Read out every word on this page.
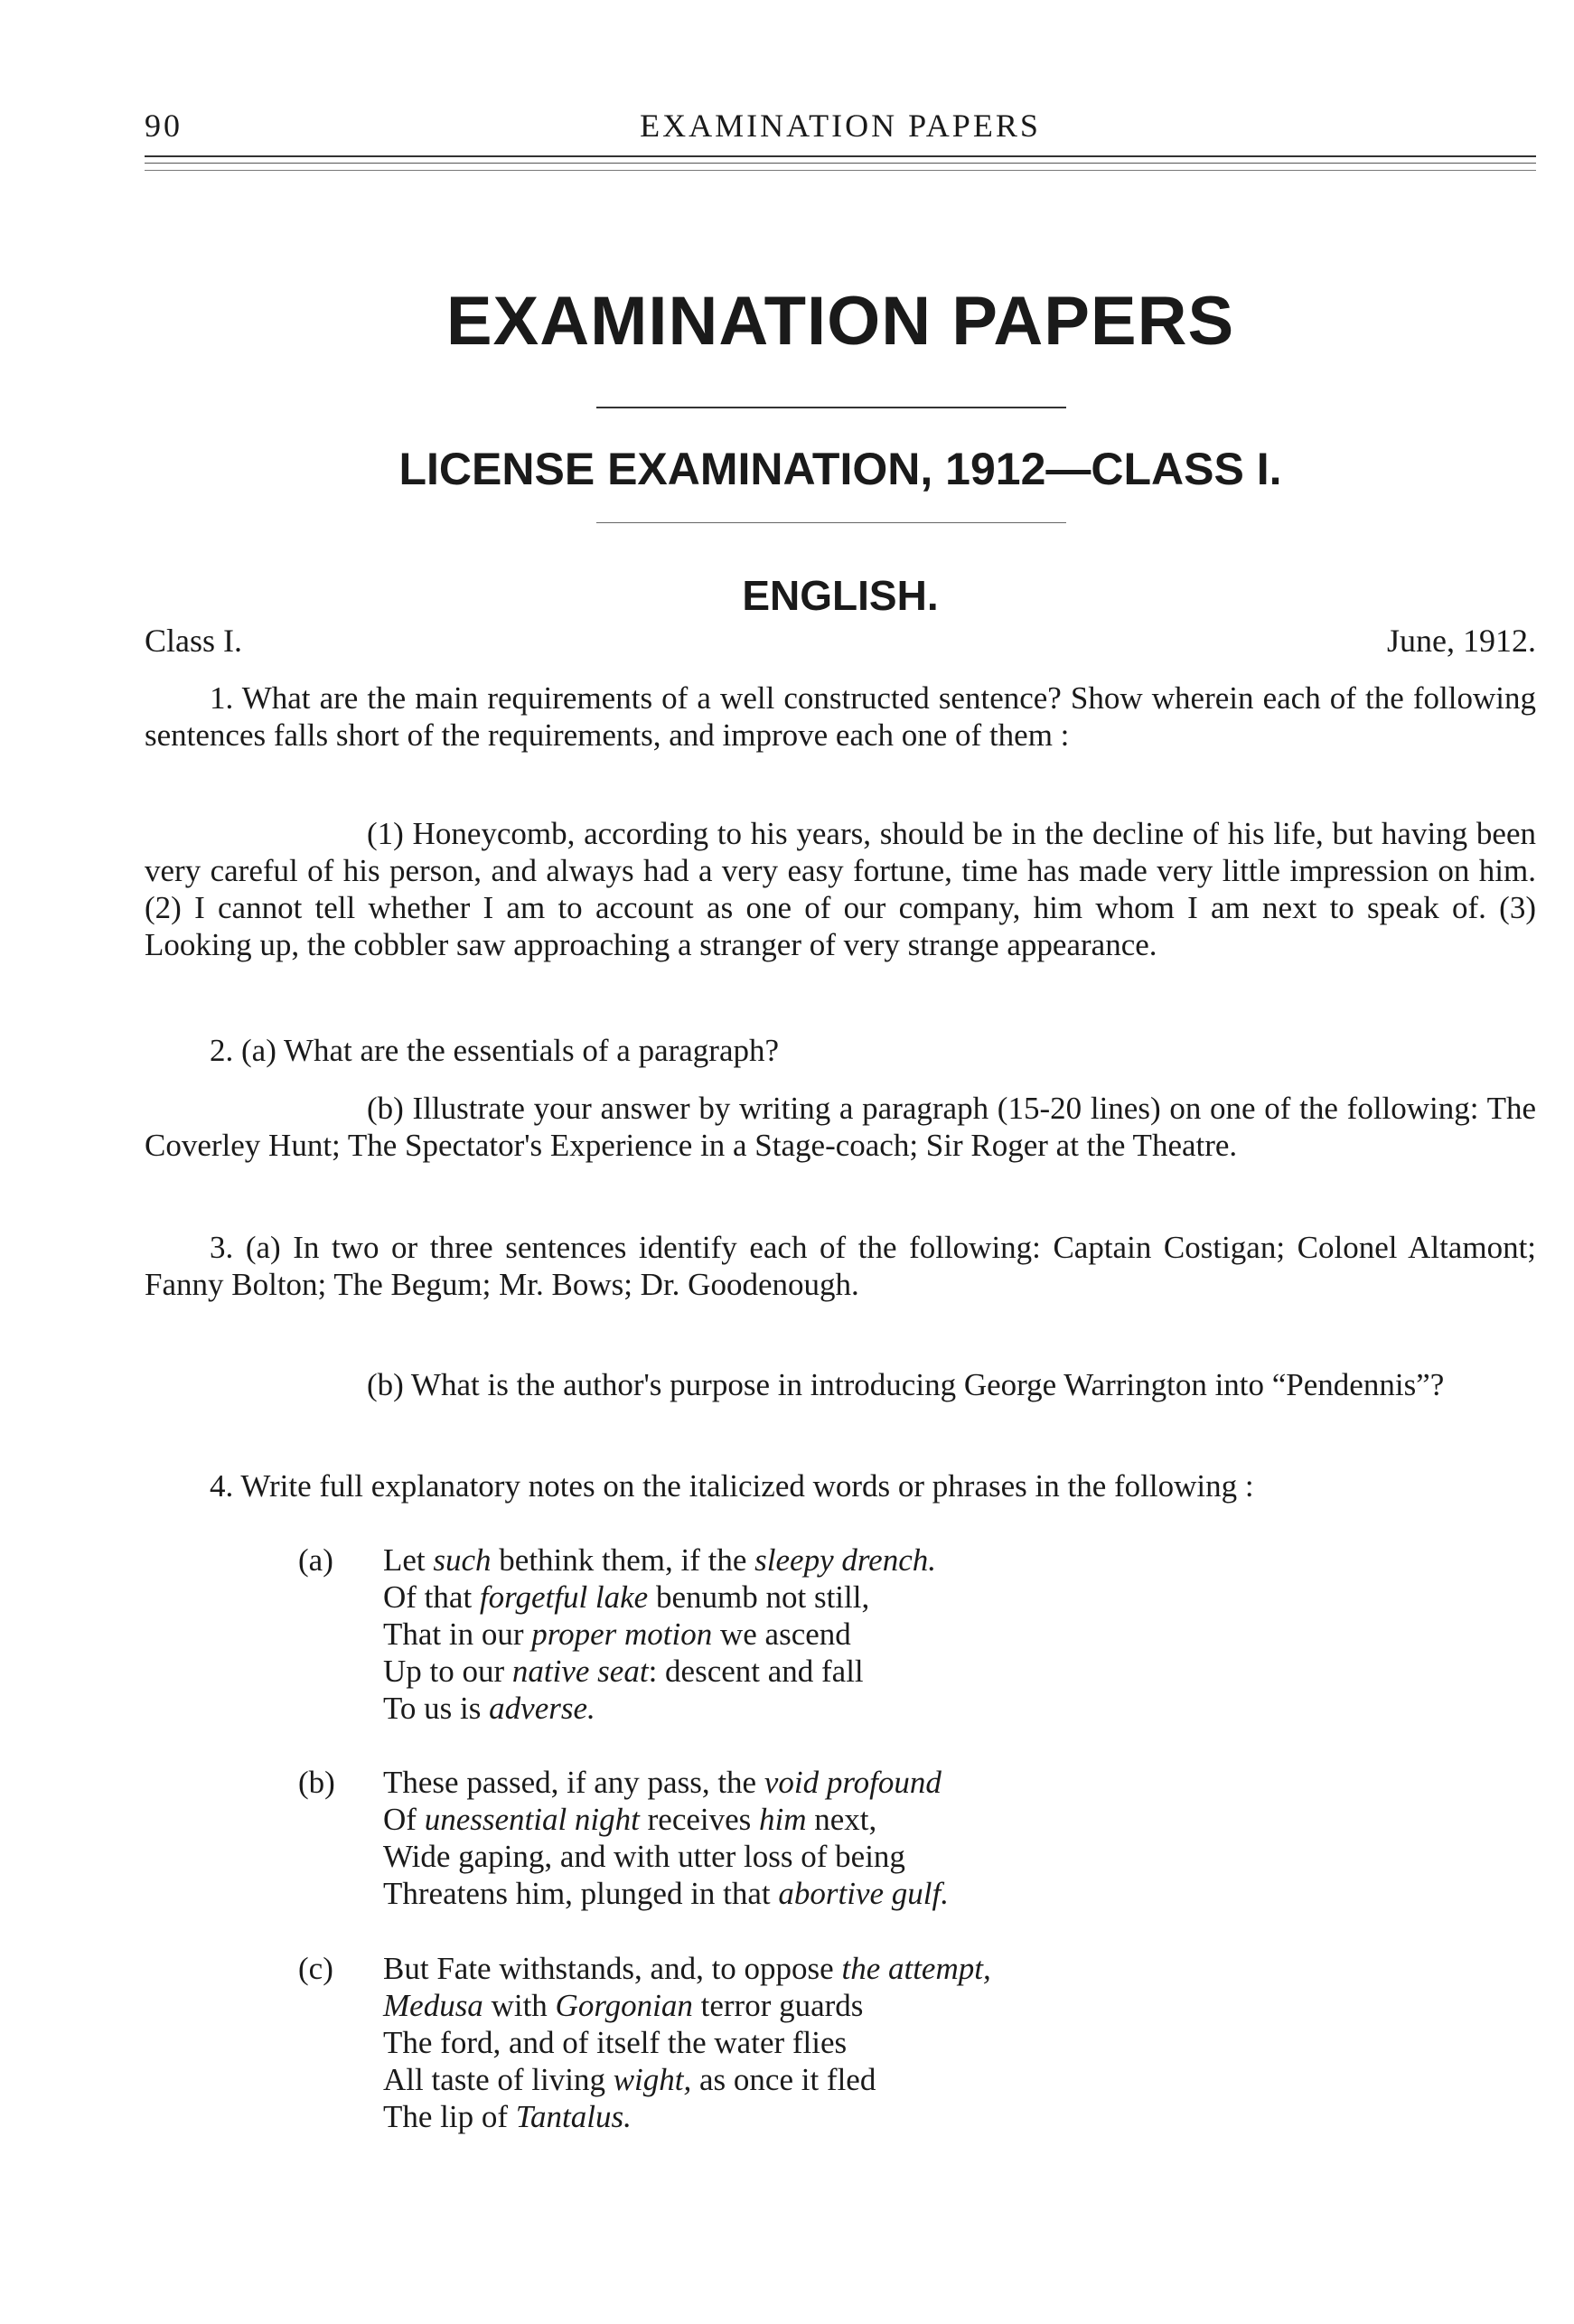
90	EXAMINATION PAPERS
EXAMINATION PAPERS
LICENSE EXAMINATION, 1912—CLASS I.
ENGLISH.
Class I.	June, 1912.
1. What are the main requirements of a well constructed sentence? Show wherein each of the following sentences falls short of the requirements, and improve each one of them :
(1) Honeycomb, according to his years, should be in the decline of his life, but having been very careful of his person, and always had a very easy fortune, time has made very little impression on him. (2) I cannot tell whether I am to account as one of our company, him whom I am next to speak of. (3) Looking up, the cobbler saw approaching a stranger of very strange appearance.
2. (a) What are the essentials of a paragraph?
(b) Illustrate your answer by writing a paragraph (15-20 lines) on one of the following: The Coverley Hunt; The Spectator's Experience in a Stage-coach; Sir Roger at the Theatre.
3. (a) In two or three sentences identify each of the following: Captain Costigan; Colonel Altamont; Fanny Bolton; The Begum; Mr. Bows; Dr. Goodenough.
(b) What is the author's purpose in introducing George Warrington into “Pendennis”?
4. Write full explanatory notes on the italicized words or phrases in the following :
(a) Let such bethink them, if the sleepy drench.
Of that forgetful lake benumb not still,
That in our proper motion we ascend
Up to our native seat: descent and fall
To us is adverse.
(b) These passed, if any pass, the void profound
Of unessential night receives him next,
Wide gaping, and with utter loss of being
Threatens him, plunged in that abortive gulf.
(c) But Fate withstands, and, to oppose the attempt,
Medusa with Gorgonian terror guards
The ford, and of itself the water flies
All taste of living wight, as once it fled
The lip of Tantalus.
